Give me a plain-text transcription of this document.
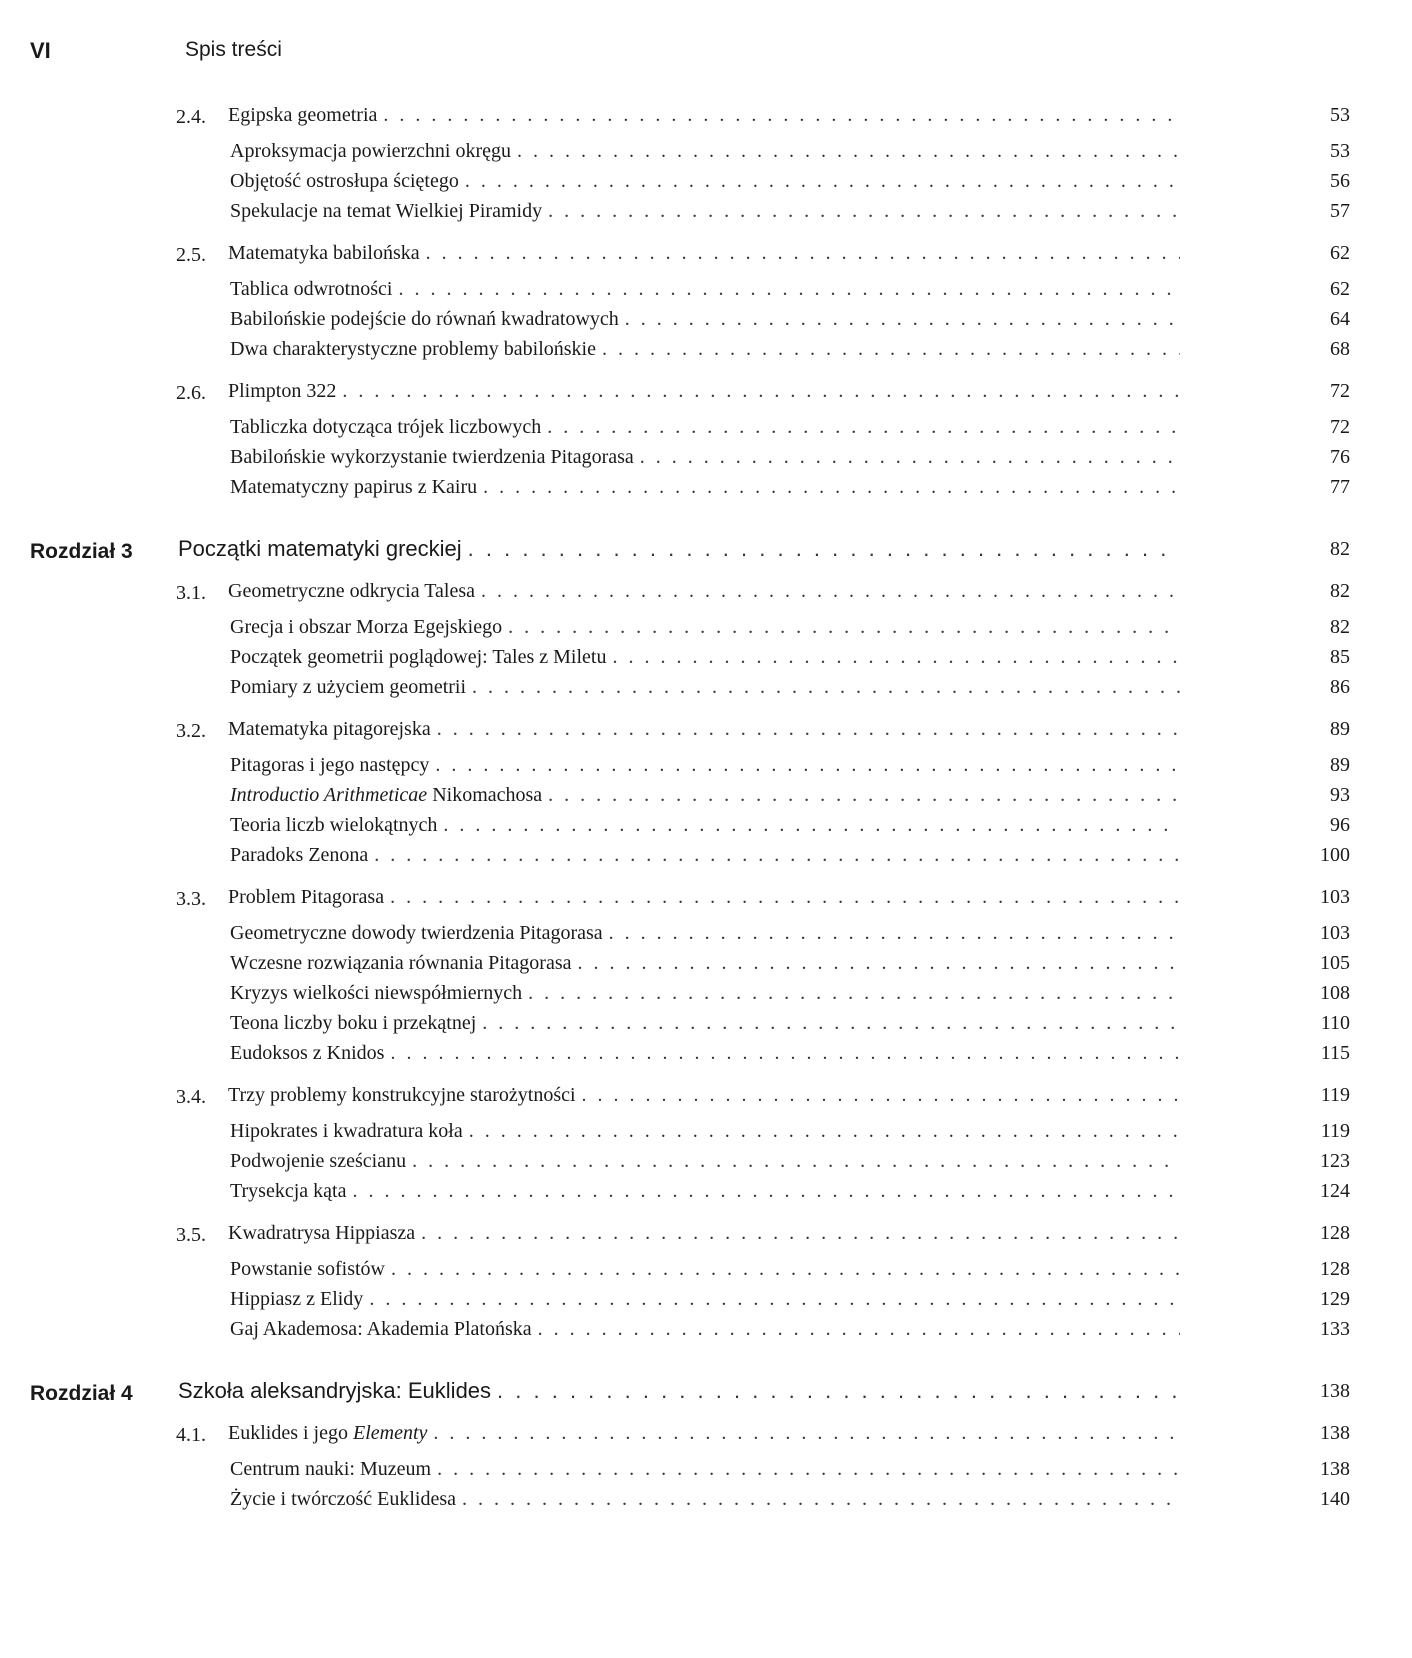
VI	Spis treści
2.4. Egipska geometria . . .	53
Aproksymacja powierzchni okręgu . . .	53
Objętość ostrosłupa ściętego . . .	56
Spekulacje na temat Wielkiej Piramidy . . .	57
2.5. Matematyka babilońska . . .	62
Tablica odwrotności . . .	62
Babilońskie podejście do równań kwadratowych . . .	64
Dwa charakterystyczne problemy babilońskie . . .	68
2.6. Plimpton 322 . . .	72
Tabliczka dotycząca trójek liczbowych . . .	72
Babilońskie wykorzystanie twierdzenia Pitagorasa . . .	76
Matematyczny papirus z Kairu . . .	77
Rozdział 3 Początki matematyki greckiej . . .	82
3.1. Geometryczne odkrycia Talesa . . .	82
Grecja i obszar Morza Egejskiego . . .	82
Początek geometrii poglądowej: Tales z Miletu . . .	85
Pomiary z użyciem geometrii . . .	86
3.2. Matematyka pitagorejska . . .	89
Pitagoras i jego następcy . . .	89
Introductio Arithmeticae Nikomachosa . . .	93
Teoria liczb wielokątnych . . .	96
Paradoks Zenona . . .	100
3.3. Problem Pitagorasa . . .	103
Geometryczne dowody twierdzenia Pitagorasa . . .	103
Wczesne rozwiązania równania Pitagorasa . . .	105
Kryzys wielkości niewspółmiernych . . .	108
Teona liczby boku i przekątnej . . .	110
Eudoksos z Knidos . . .	115
3.4. Trzy problemy konstrukcyjne starożytności . . .	119
Hipokrates i kwadratura koła . . .	119
Podwojenie sześcianu . . .	123
Trysekcja kąta . . .	124
3.5. Kwadratrysa Hippiasza . . .	128
Powstanie sofistów . . .	128
Hippiasz z Elidy . . .	129
Gaj Akademosa: Akademia Platońska . . .	133
Rozdział 4 Szkoła aleksandryjska: Euklides . . .	138
4.1. Euklides i jego Elementy . . .	138
Centrum nauki: Muzeum . . .	138
Życie i twórczość Euklidesa . . .	140
